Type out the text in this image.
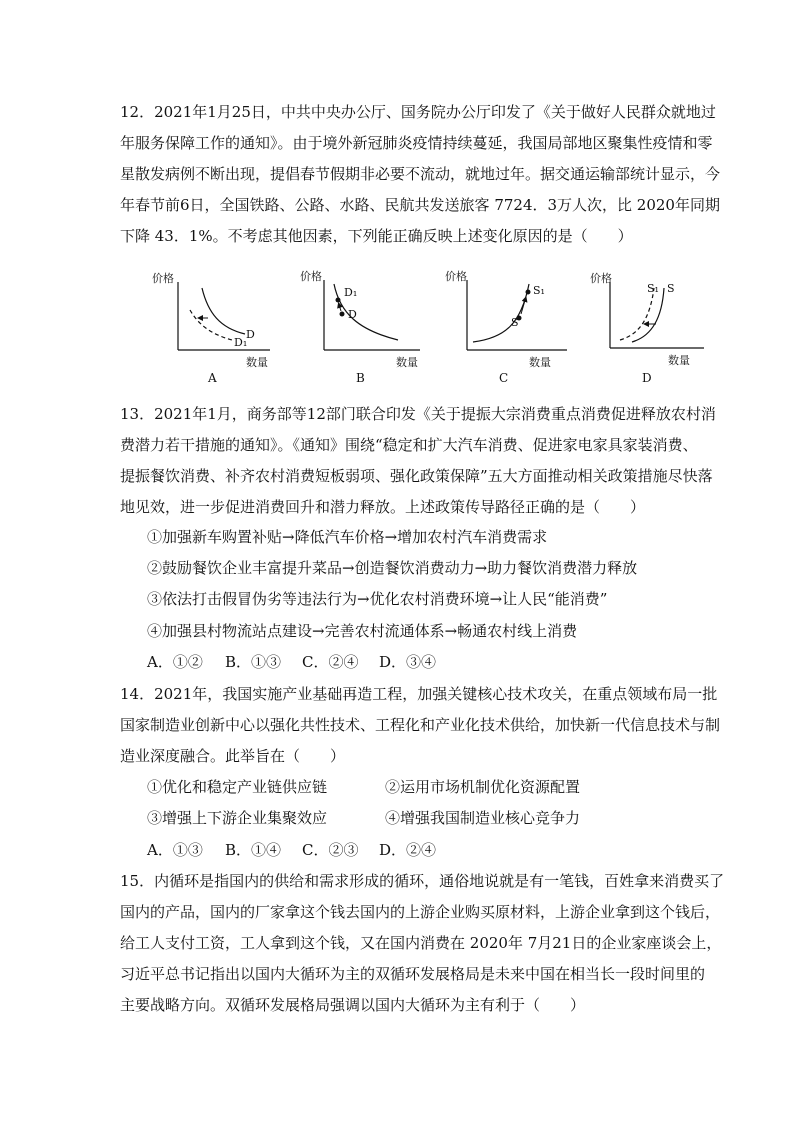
12．2021年1月25日，中共中央办公厅、国务院办公厅印发了《关于做好人民群众就地过
年服务保障工作的通知》。由于境外新冠肺炎疫情持续蔓延，我国局部地区聚集性疫情和零
星散发病例不断出现，提倡春节假期非必要不流动，就地过年。据交通运输部统计显示，今
年春节前6日，全国铁路、公路、水路、民航共发送旅客 7724．3万人次，比 2020年同期
下降 43．1%。不考虑其他因素，下列能正确反映上述变化原因的是（　　）
价格
数量
D
D₁
A
价格
数量
D₁
D
B
价格
数量
S₁
S
C
价格
数量
S₁ S
D
13．2021年1月，商务部等12部门联合印发《关于提振大宗消费重点消费促进释放农村消
费潜力若干措施的通知》。《通知》围绕“稳定和扩大汽车消费、促进家电家具家装消费、
提振餐饮消费、补齐农村消费短板弱项、强化政策保障”五大方面推动相关政策措施尽快落
地见效，进一步促进消费回升和潜力释放。上述政策传导路径正确的是（　　）
①加强新车购置补贴→降低汽车价格→增加农村汽车消费需求
②鼓励餐饮企业丰富提升菜品→创造餐饮消费动力→助力餐饮消费潜力释放
③依法打击假冒伪劣等违法行为→优化农村消费环境→让人民“能消费”
④加强县村物流站点建设→完善农村流通体系→畅通农村线上消费
A．①② B．①③ C．②④ D．③④
14．2021年，我国实施产业基础再造工程，加强关键核心技术攻关，在重点领域布局一批
国家制造业创新中心以强化共性技术、工程化和产业化技术供给，加快新一代信息技术与制
造业深度融合。此举旨在（　　）
①优化和稳定产业链供应链	②运用市场机制优化资源配置
③增强上下游企业集聚效应	④增强我国制造业核心竞争力
A．①③ B．①④ C．②③ D．②④
15．内循环是指国内的供给和需求形成的循环，通俗地说就是有一笔钱，百姓拿来消费买了
国内的产品，国内的厂家拿这个钱去国内的上游企业购买原材料，上游企业拿到这个钱后，
给工人支付工资，工人拿到这个钱，又在国内消费在 2020年 7月21日的企业家座谈会上，
习近平总书记指出以国内大循环为主的双循环发展格局是未来中国在相当长一段时间里的
主要战略方向。双循环发展格局强调以国内大循环为主有利于（　　）
